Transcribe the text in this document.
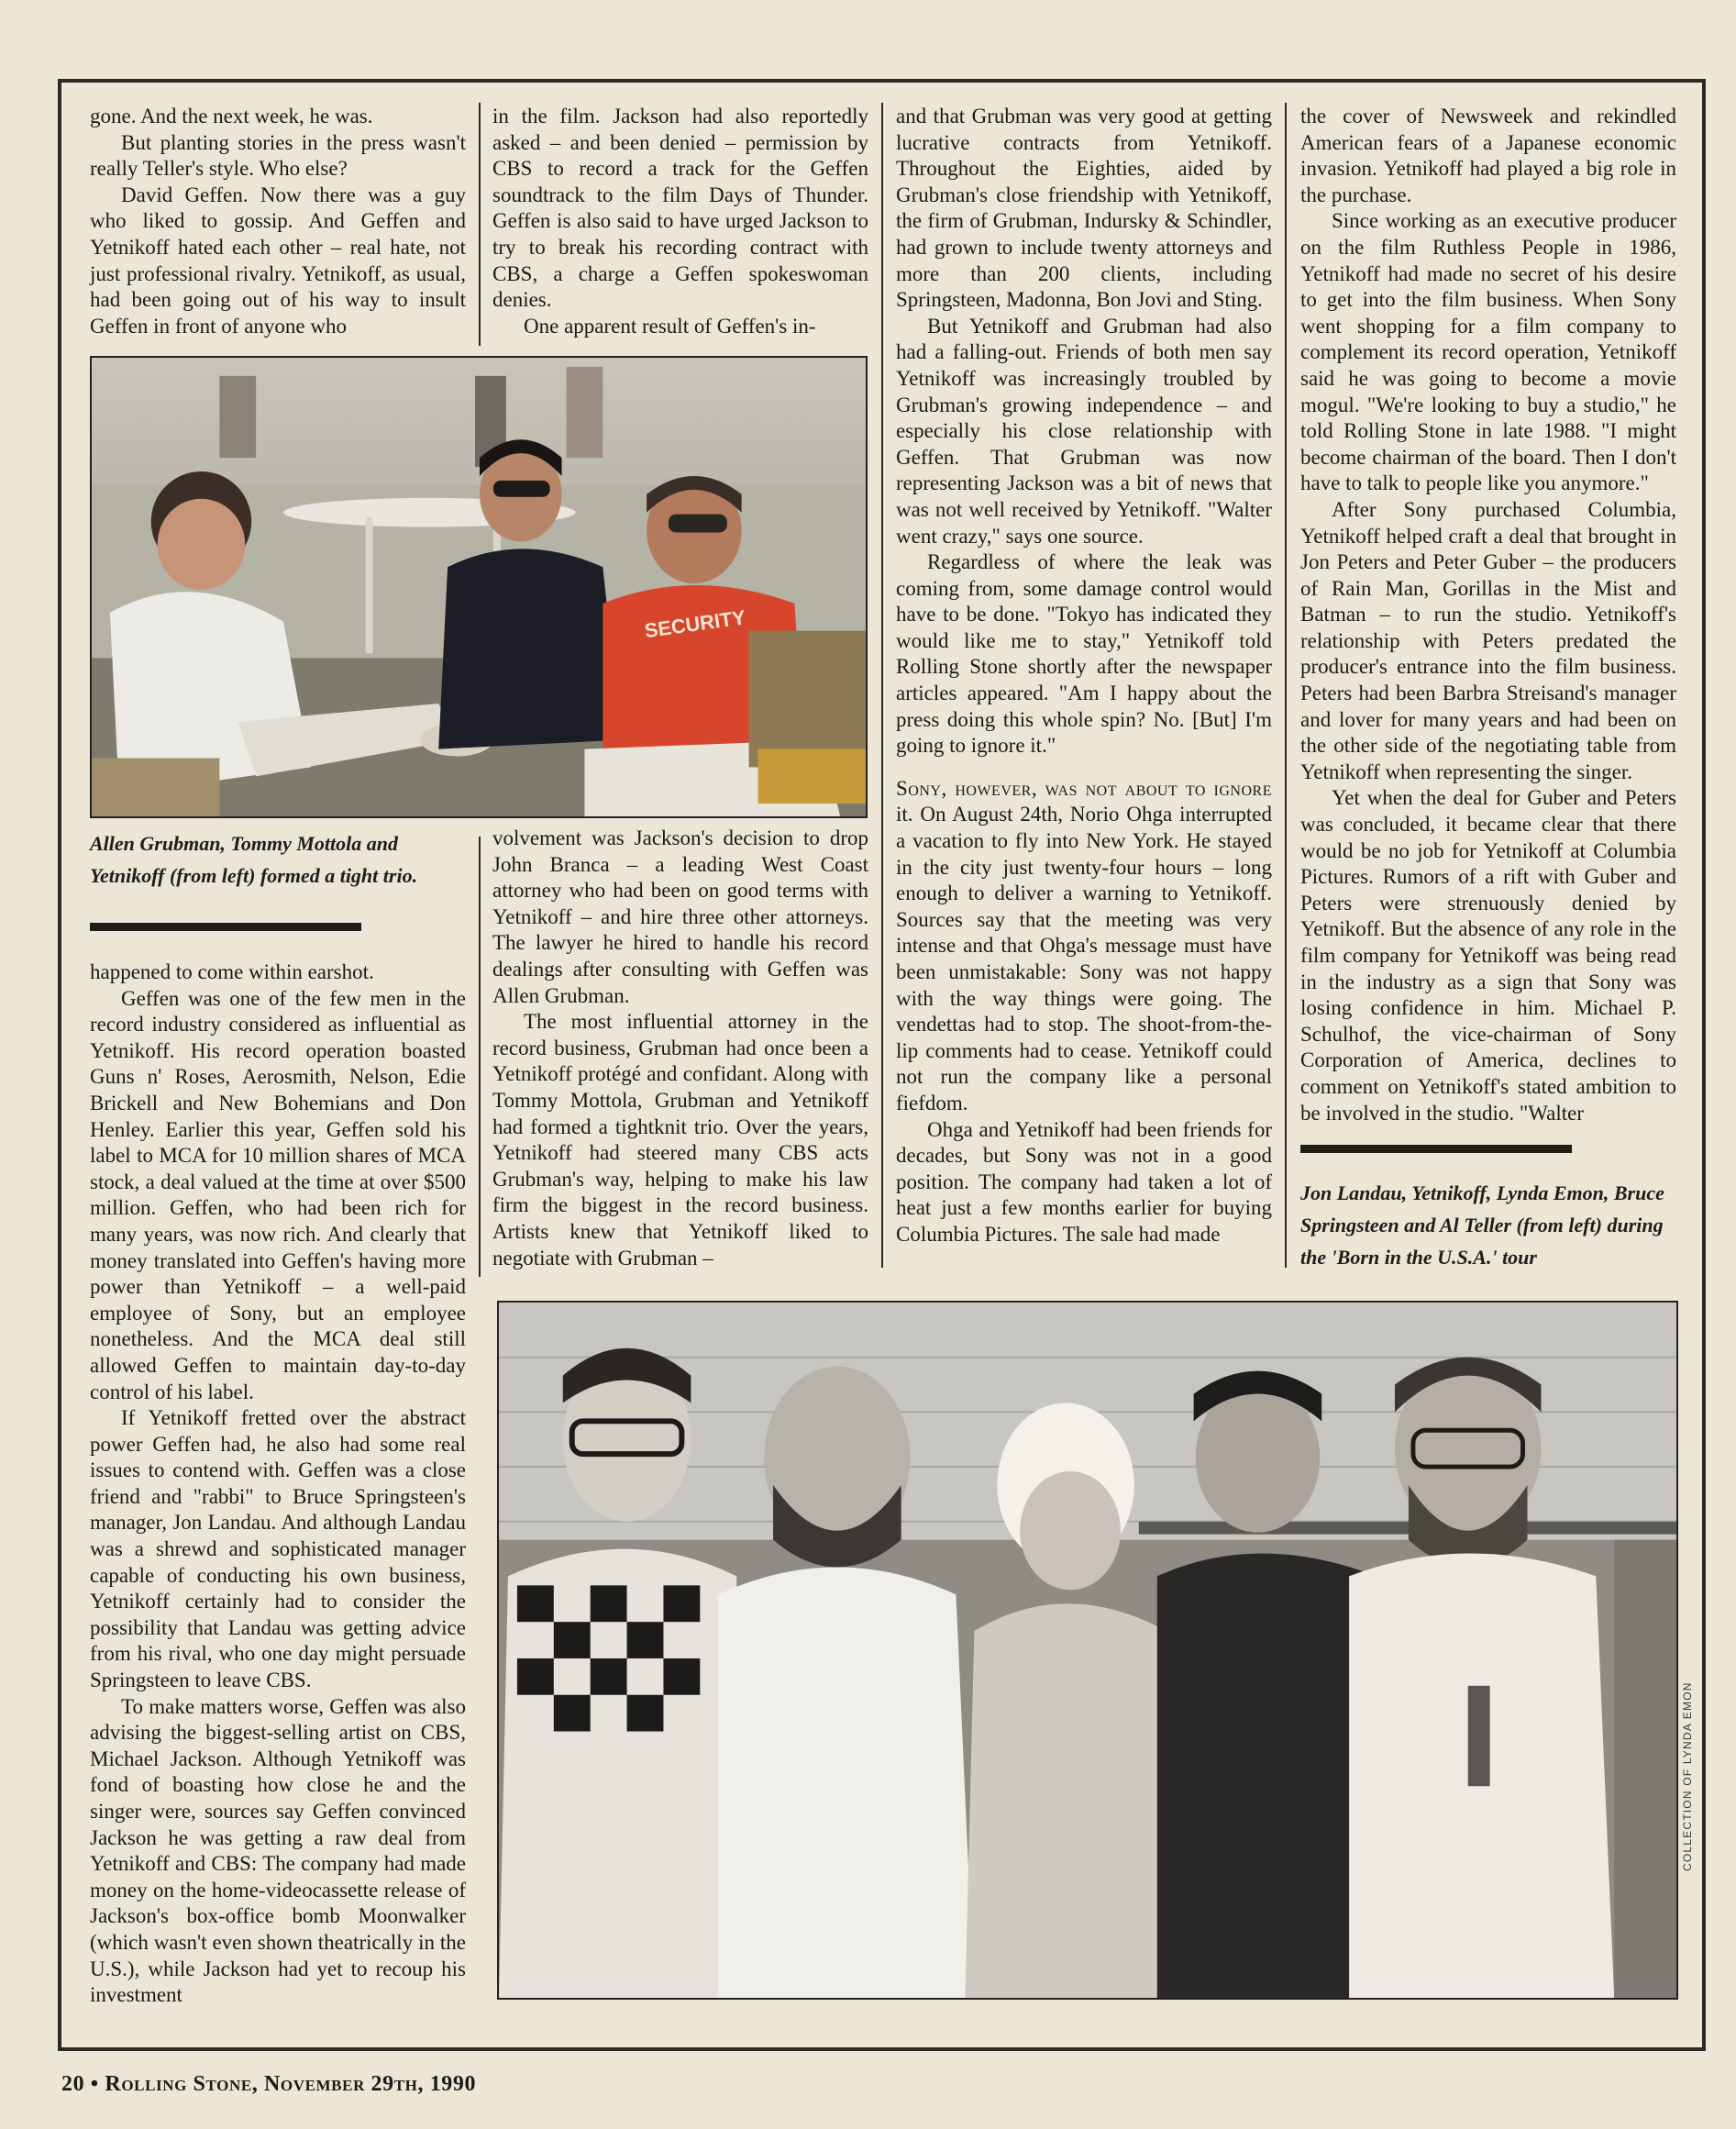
gone. And the next week, he was.

But planting stories in the press wasn't really Teller's style. Who else?

David Geffen. Now there was a guy who liked to gossip. And Geffen and Yetnikoff hated each other – real hate, not just professional rivalry. Yetnikoff, as usual, had been going out of his way to insult Geffen in front of anyone who

in the film. Jackson had also reportedly asked – and been denied – permission by CBS to record a track for the Geffen soundtrack to the film Days of Thunder. Geffen is also said to have urged Jackson to try to break his recording contract with CBS, a charge a Geffen spokeswoman denies.

One apparent result of Geffen's in-

SECURITY
Allen Grubman, Tommy Mottola and Yetnikoff (from left) formed a tight trio.

happened to come within earshot.

Geffen was one of the few men in the record industry considered as influential as Yetnikoff. His record operation boasted Guns n' Roses, Aerosmith, Nelson, Edie Brickell and New Bohemians and Don Henley. Earlier this year, Geffen sold his label to MCA for 10 million shares of MCA stock, a deal valued at the time at over $500 million. Geffen, who had been rich for many years, was now rich. And clearly that money translated into Geffen's having more power than Yetnikoff – a well-paid employee of Sony, but an employee nonetheless. And the MCA deal still allowed Geffen to maintain day-to-day control of his label.

If Yetnikoff fretted over the abstract power Geffen had, he also had some real issues to contend with. Geffen was a close friend and "rabbi" to Bruce Springsteen's manager, Jon Landau. And although Landau was a shrewd and sophisticated manager capable of conducting his own business, Yetnikoff certainly had to consider the possibility that Landau was getting advice from his rival, who one day might persuade Springsteen to leave CBS.

To make matters worse, Geffen was also advising the biggest-selling artist on CBS, Michael Jackson. Although Yetnikoff was fond of boasting how close he and the singer were, sources say Geffen convinced Jackson he was getting a raw deal from Yetnikoff and CBS: The company had made money on the home-videocassette release of Jackson's box-office bomb Moonwalker (which wasn't even shown theatrically in the U.S.), while Jackson had yet to recoup his investment

volvement was Jackson's decision to drop John Branca – a leading West Coast attorney who had been on good terms with Yetnikoff – and hire three other attorneys. The lawyer he hired to handle his record dealings after consulting with Geffen was Allen Grubman.

The most influential attorney in the record business, Grubman had once been a Yetnikoff protégé and confidant. Along with Tommy Mottola, Grubman and Yetnikoff had formed a tightknit trio. Over the years, Yetnikoff had steered many CBS acts Grubman's way, helping to make his law firm the biggest in the record business. Artists knew that Yetnikoff liked to negotiate with Grubman –

and that Grubman was very good at getting lucrative contracts from Yetnikoff. Throughout the Eighties, aided by Grubman's close friendship with Yetnikoff, the firm of Grubman, Indursky & Schindler, had grown to include twenty attorneys and more than 200 clients, including Springsteen, Madonna, Bon Jovi and Sting.

But Yetnikoff and Grubman had also had a falling-out. Friends of both men say Yetnikoff was increasingly troubled by Grubman's growing independence – and especially his close relationship with Geffen. That Grubman was now representing Jackson was a bit of news that was not well received by Yetnikoff. "Walter went crazy," says one source.

Regardless of where the leak was coming from, some damage control would have to be done. "Tokyo has indicated they would like me to stay," Yetnikoff told Rolling Stone shortly after the newspaper articles appeared. "Am I happy about the press doing this whole spin? No. [But] I'm going to ignore it."

Sony, however, was not about to ignore it. On August 24th, Norio Ohga interrupted a vacation to fly into New York. He stayed in the city just twenty-four hours – long enough to deliver a warning to Yetnikoff. Sources say that the meeting was very intense and that Ohga's message must have been unmistakable: Sony was not happy with the way things were going. The vendettas had to stop. The shoot-from-the-lip comments had to cease. Yetnikoff could not run the company like a personal fiefdom.

Ohga and Yetnikoff had been friends for decades, but Sony was not in a good position. The company had taken a lot of heat just a few months earlier for buying Columbia Pictures. The sale had made

the cover of Newsweek and rekindled American fears of a Japanese economic invasion. Yetnikoff had played a big role in the purchase.

Since working as an executive producer on the film Ruthless People in 1986, Yetnikoff had made no secret of his desire to get into the film business. When Sony went shopping for a film company to complement its record operation, Yetnikoff said he was going to become a movie mogul. "We're looking to buy a studio," he told Rolling Stone in late 1988. "I might become chairman of the board. Then I don't have to talk to people like you anymore."

After Sony purchased Columbia, Yetnikoff helped craft a deal that brought in Jon Peters and Peter Guber – the producers of Rain Man, Gorillas in the Mist and Batman – to run the studio. Yetnikoff's relationship with Peters predated the producer's entrance into the film business. Peters had been Barbra Streisand's manager and lover for many years and had been on the other side of the negotiating table from Yetnikoff when representing the singer.

Yet when the deal for Guber and Peters was concluded, it became clear that there would be no job for Yetnikoff at Columbia Pictures. Rumors of a rift with Guber and Peters were strenuously denied by Yetnikoff. But the absence of any role in the film company for Yetnikoff was being read in the industry as a sign that Sony was losing confidence in him. Michael P. Schulhof, the vice-chairman of Sony Corporation of America, declines to comment on Yetnikoff's stated ambition to be involved in the studio. "Walter

Jon Landau, Yetnikoff, Lynda Emon, Bruce Springsteen and Al Teller (from left) during the 'Born in the U.S.A.' tour
COLLECTION OF LYNDA EMON
20 • Rolling Stone, November 29th, 1990
